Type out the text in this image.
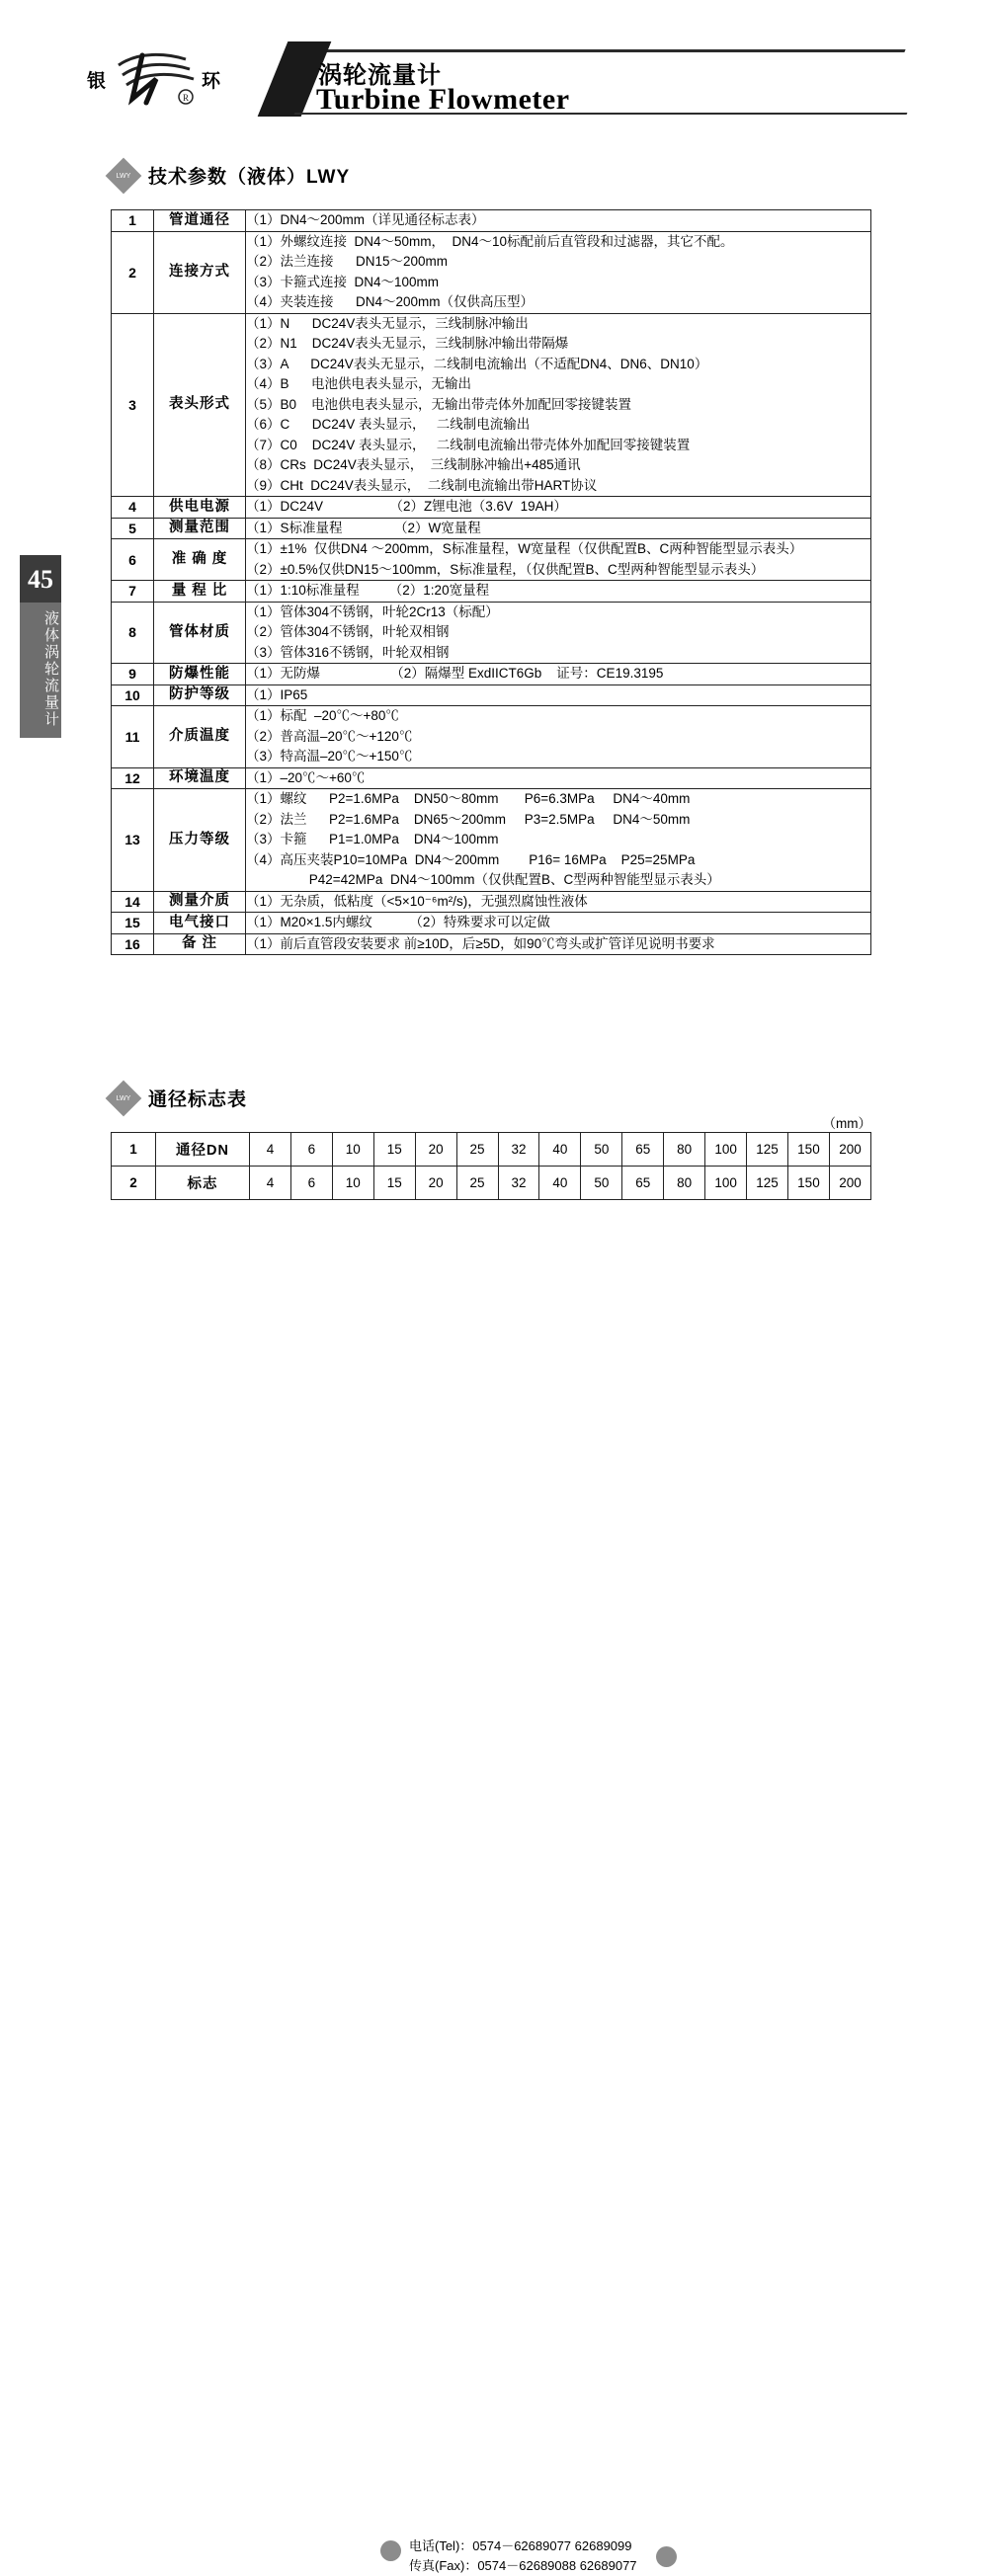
银
R
环	涡轮流量计
Turbine Flowmeter
45
液体涡轮流量计
LWY 技术参数（液体）LWY
1	管道通径	（1）DN4～200mm（详见通径标志表）

2	连接方式	（1）外螺纹连接  DN4～50mm，  DN4～10标配前后直管段和过滤器，其它不配。
（2）法兰连接      DN15～200mm
（3）卡箍式连接  DN4～100mm
（4）夹装连接      DN4～200mm（仅供高压型）

3	表头形式	
（1）N      DC24V表头无显示，三线制脉冲输出
（2）N1    DC24V表头无显示，三线制脉冲输出带隔爆
（3）A      DC24V表头无显示，二线制电流输出（不适配DN4、DN6、DN10）
（4）B      电池供电表头显示，无输出
（5）B0    电池供电表头显示，无输出带壳体外加配回零接键装置
（6）C      DC24V 表头显示，   二线制电流输出
（7）C0    DC24V 表头显示，   二线制电流输出带壳体外加配回零接键装置
（8）CRs  DC24V表头显示，  三线制脉冲输出+485通讯
（9）CHt  DC24V表头显示，  二线制电流输出带HART协议

4	供电电源	（1）DC24V                  （2）Z锂电池（3.6V  19AH）

5	测量范围	（1）S标准量程              （2）W宽量程

6	准 确 度	（1）±1%  仅供DN4 ～200mm，S标准量程，W宽量程（仅供配置B、C两种智能型显示表头）
（2）±0.5%仅供DN15～100mm，S标准量程，（仅供配置B、C型两种智能型显示表头）

7	量 程 比	（1）1:10标准量程        （2）1:20宽量程

8	管体材质	（1）管体304不锈钢，叶轮2Cr13（标配）
（2）管体304不锈钢，叶轮双相钢
（3）管体316不锈钢，叶轮双相钢

9	防爆性能	（1）无防爆                   （2）隔爆型 ExdIICT6Gb    证号：CE19.3195

10	防护等级	（1）IP65

11	介质温度	（1）标配  –20℃～+80℃
（2）普高温–20℃～+120℃
（3）特高温–20℃～+150℃

12	环境温度	（1）–20℃～+60℃

13	压力等级	（1）螺纹      P2=1.6MPa    DN50～80mm       P6=6.3MPa     DN4～40mm
（2）法兰      P2=1.6MPa    DN65～200mm     P3=2.5MPa     DN4～50mm
（3）卡箍      P1=1.0MPa    DN4～100mm
（4）高压夹装P10=10MPa  DN4～200mm        P16= 16MPa    P25=25MPa
P42=42MPa  DN4～100mm（仅供配置B、C型两种智能型显示表头）

14	测量介质	（1）无杂质，低粘度（<5×10⁻⁶m²/s)，无强烈腐蚀性液体

15	电气接口	（1）M20×1.5内螺纹          （2）特殊要求可以定做

16	备 注	（1）前后直管段安装要求 前≥10D，后≥5D，如90℃弯头或扩管详见说明书要求
LWY 通径标志表
（mm）
1	通径DN	4	6	10	15	20	25	32	40	50	65	80	100	125	150	200
2	标志	4	6	10	15	20	25	32	40	50	65	80	100	125	150	200
电话(Tel)：0574－62689077 62689099
传真(Fax)：0574－62689088 62689077
